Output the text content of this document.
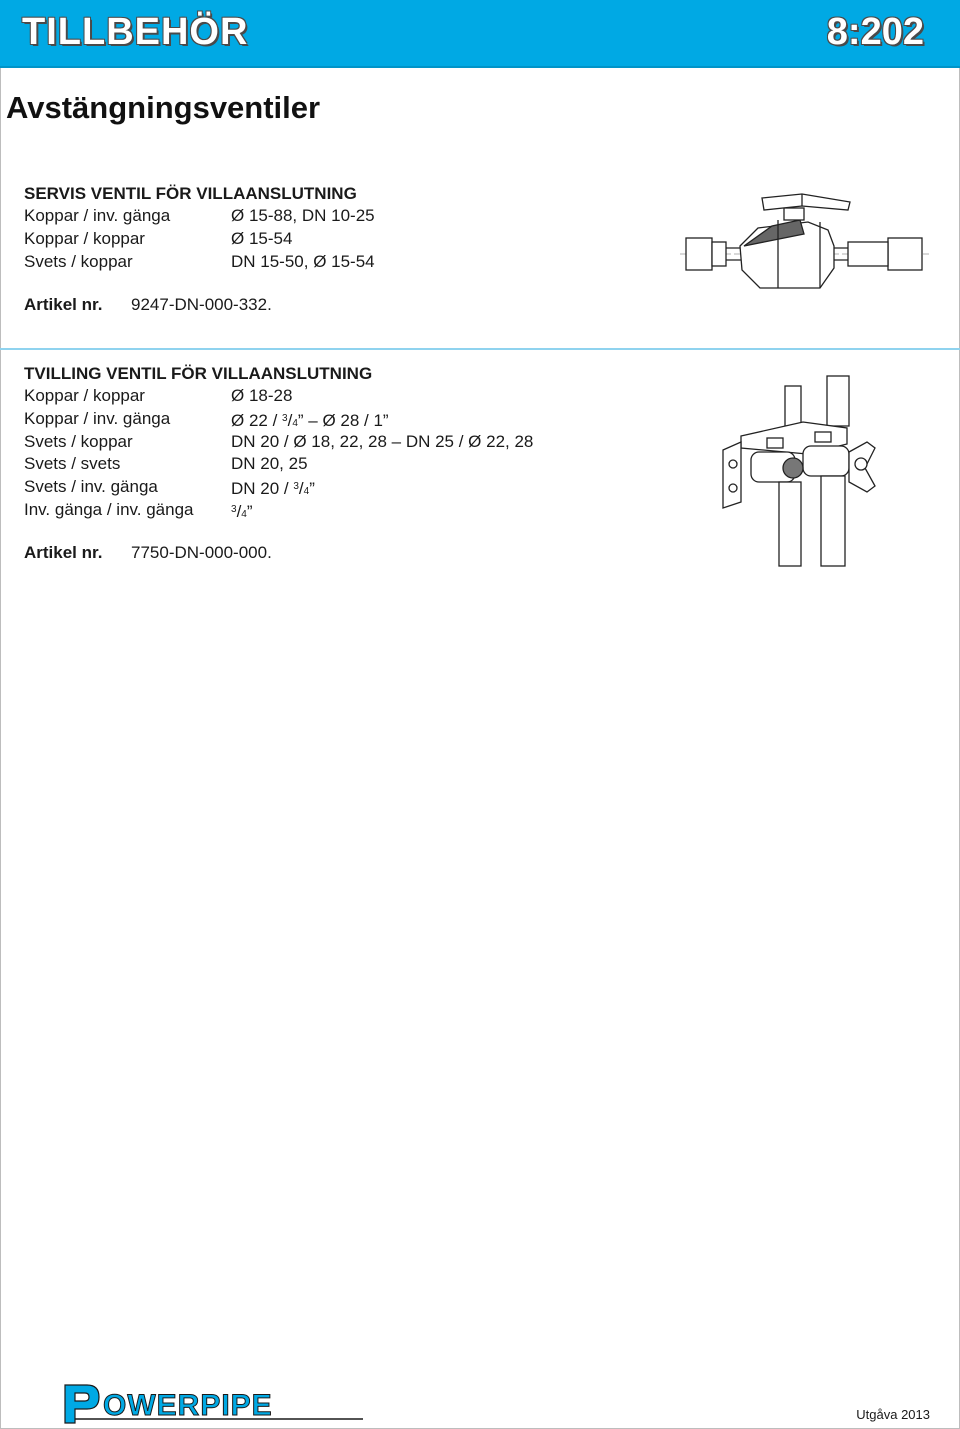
TILLBEHÖR	8:202
Avstängningsventiler
SERVIS VENTIL FÖR VILLAANSLUTNING
Koppar / inv. gänga	Ø 15-88, DN 10-25
Koppar / koppar	Ø 15-54
Svets / koppar	DN 15-50, Ø 15-54
Artikel nr. 9247-DN-000-332.
TVILLING VENTIL FÖR VILLAANSLUTNING
Koppar / koppar	Ø 18-28
Koppar / inv. gänga	Ø 22 / $^3$/4” – Ø 28 / 1”
Svets / koppar	DN 20 / Ø 18, 22, 28 – DN 25 / Ø 22, 28
Svets / svets	DN 20, 25
Svets / inv. gänga	DN 20 / $^3$/4”
Inv. gänga / inv. gänga	$^3$/4”
Artikel nr. 7750-DN-000-000.
OWERPIPE	Utgåva 2013
